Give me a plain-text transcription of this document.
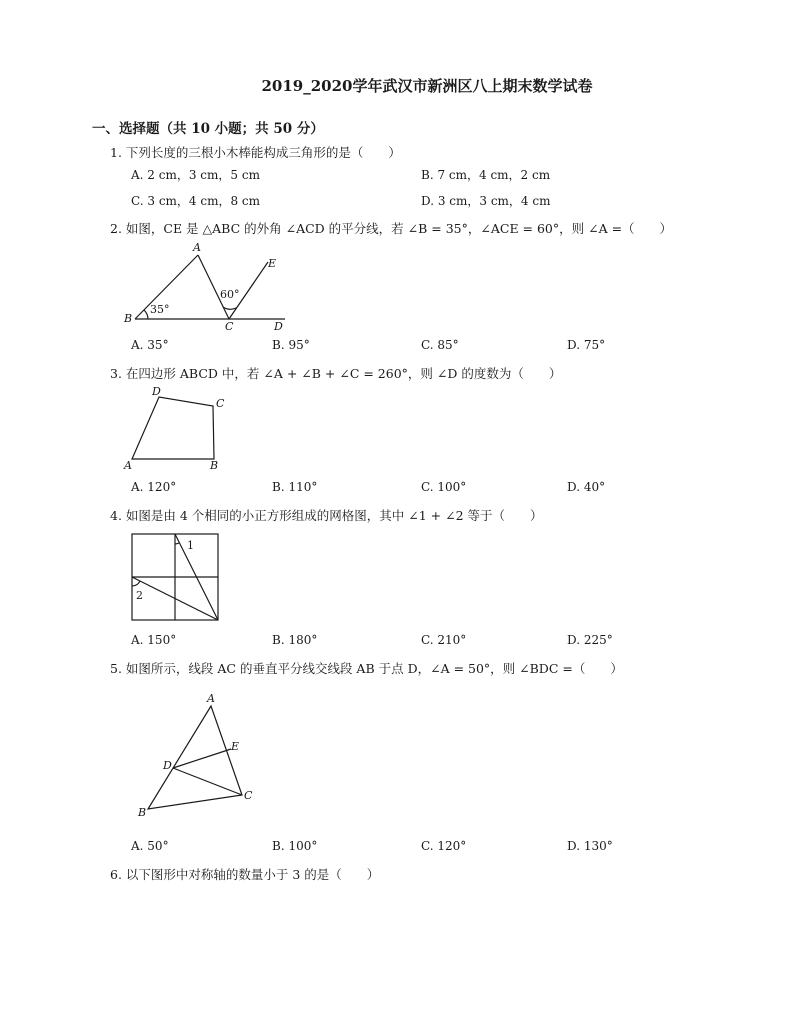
2019_2020学年武汉市新洲区八上期末数学试卷
一、选择题（共 10 小题；共 50 分）
1. 下列长度的三根小木棒能构成三角形的是（　　）
A. 2 cm，3 cm，5 cm	B. 7 cm，4 cm，2 cm
C. 3 cm，4 cm，8 cm	D. 3 cm，3 cm，4 cm
2. 如图，CE 是 △ABC 的外角 ∠ACD 的平分线，若 ∠B = 35°，∠ACE = 60°，则 ∠A =（　　）
A
B
C	D
E
35°
60°
A. 35°	B. 95°	C. 85°	D. 75°
3. 在四边形 ABCD 中，若 ∠A + ∠B + ∠C = 260°，则 ∠D 的度数为（　　）
A	B
C
D
A. 120°	B. 110°	C. 100°	D. 40°
4. 如图是由 4 个相同的小正方形组成的网格图，其中 ∠1 + ∠2 等于（　　）
1
2
A. 150°	B. 180°	C. 210°	D. 225°
5. 如图所示，线段 AC 的垂直平分线交线段 AB 于点 D，∠A = 50°，则 ∠BDC =（　　）
A
B
C
D
E
A. 50°	B. 100°	C. 120°	D. 130°
6. 以下图形中对称轴的数量小于 3 的是（　　）
